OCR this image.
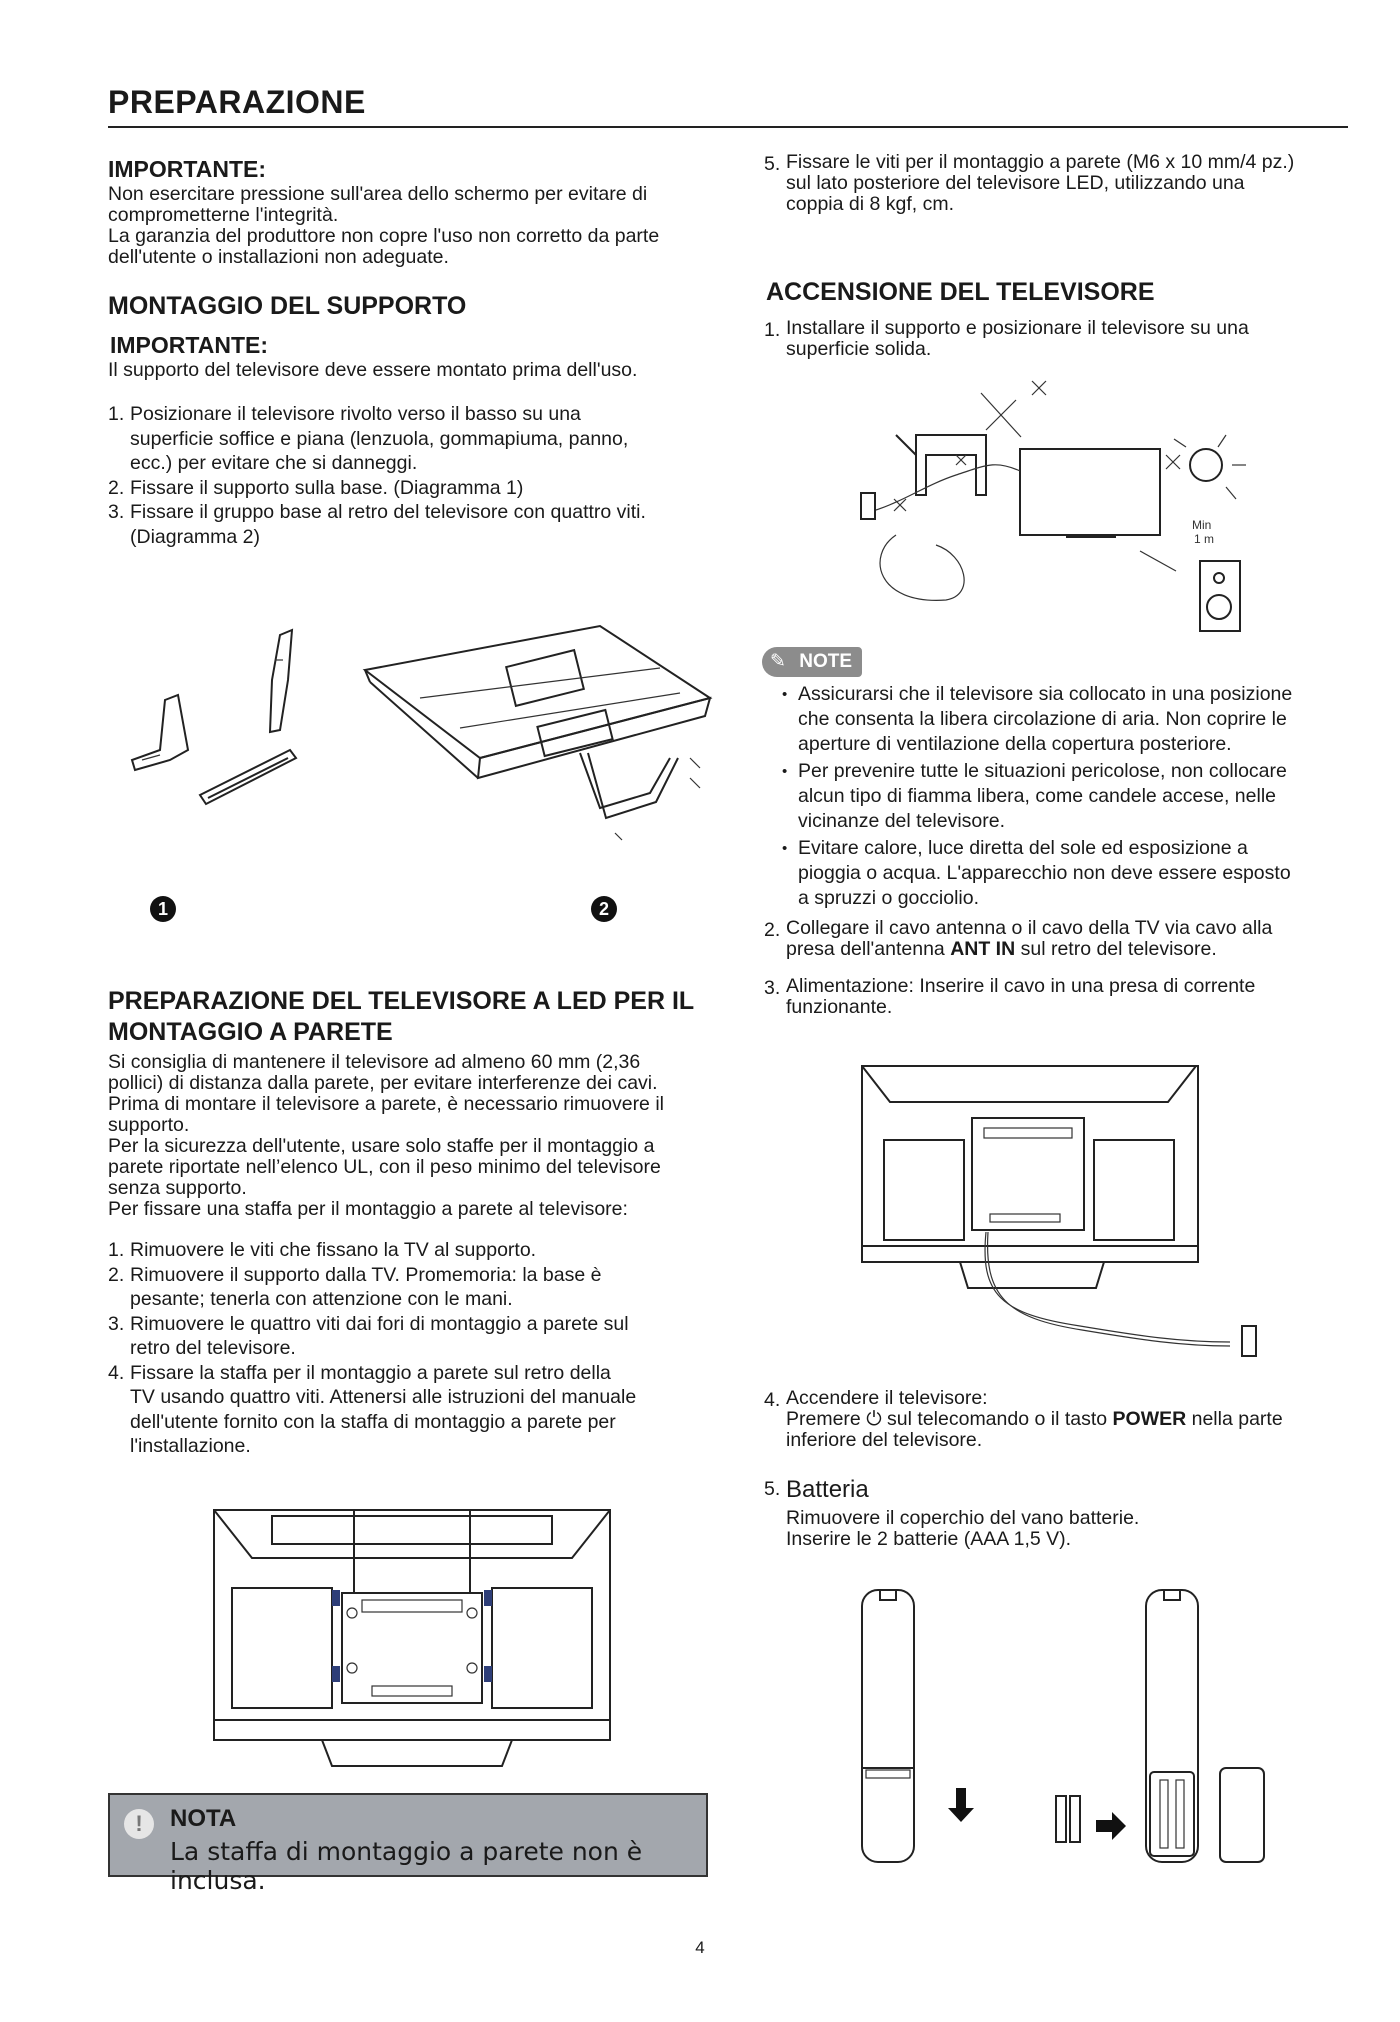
PREPARAZIONE
IMPORTANTE:
Non esercitare pressione sull'area dello schermo per evitare di
comprometterne l'integrità.
La garanzia del produttore non copre l'uso non corretto da parte
dell'utente o installazioni non adeguate.
MONTAGGIO DEL SUPPORTO
IMPORTANTE:
Il supporto del televisore deve essere montato prima dell'uso.
1. Posizionare il televisore rivolto verso il basso su una
superficie soffice e piana (lenzuola, gommapiuma, panno,
ecc.) per evitare che si danneggi.
2. Fissare il supporto sulla base. (Diagramma 1)
3. Fissare il gruppo base al retro del televisore con quattro viti.
(Diagramma 2)
1	2
PREPARAZIONE DEL TELEVISORE A LED PER IL
MONTAGGIO A PARETE
Si consiglia di mantenere il televisore ad almeno 60 mm (2,36
pollici) di distanza dalla parete, per evitare interferenze dei cavi.
Prima di montare il televisore a parete, è necessario rimuovere il
supporto.
Per la sicurezza dell'utente, usare solo staffe per il montaggio a
parete riportate nell’elenco UL, con il peso minimo del televisore
senza supporto.
Per fissare una staffa per il montaggio a parete al televisore:
1. Rimuovere le viti che fissano la TV al supporto.
2. Rimuovere il supporto dalla TV. Promemoria: la base è
pesante; tenerla con attenzione con le mani.
3. Rimuovere le quattro viti dai fori di montaggio a parete sul
retro del televisore.
4. Fissare la staffa per il montaggio a parete sul retro della
TV usando quattro viti. Attenersi alle istruzioni del manuale
dell'utente fornito con la staffa di montaggio a parete per
l'installazione.
!	NOTA
La staffa di montaggio a parete non è inclusa.
5. Fissare le viti per il montaggio a parete (M6 x 10 mm/4 pz.)
sul lato posteriore del televisore LED, utilizzando una
coppia di 8 kgf, cm.
ACCENSIONE DEL TELEVISORE
1. Installare il supporto e posizionare il televisore su una
superficie solida.
Min
1 m
✎ NOTE
• Assicurarsi che il televisore sia collocato in una posizione
che consenta la libera circolazione di aria. Non coprire le
aperture di ventilazione della copertura posteriore.
• Per prevenire tutte le situazioni pericolose, non collocare
alcun tipo di fiamma libera, come candele accese, nelle
vicinanze del televisore.
• Evitare calore, luce diretta del sole ed esposizione a
pioggia o acqua. L'apparecchio non deve essere esposto
a spruzzi o gocciolio.
2. Collegare il cavo antenna o il cavo della TV via cavo alla
presa dell'antenna ANT IN sul retro del televisore.
3. Alimentazione: Inserire il cavo in una presa di corrente
funzionante.
4. Accendere il televisore:
Premere ⏻ sul telecomando o il tasto POWER nella parte
inferiore del televisore.
5. Batteria
Rimuovere il coperchio del vano batterie.
Inserire le 2 batterie (AAA 1,5 V).
4
